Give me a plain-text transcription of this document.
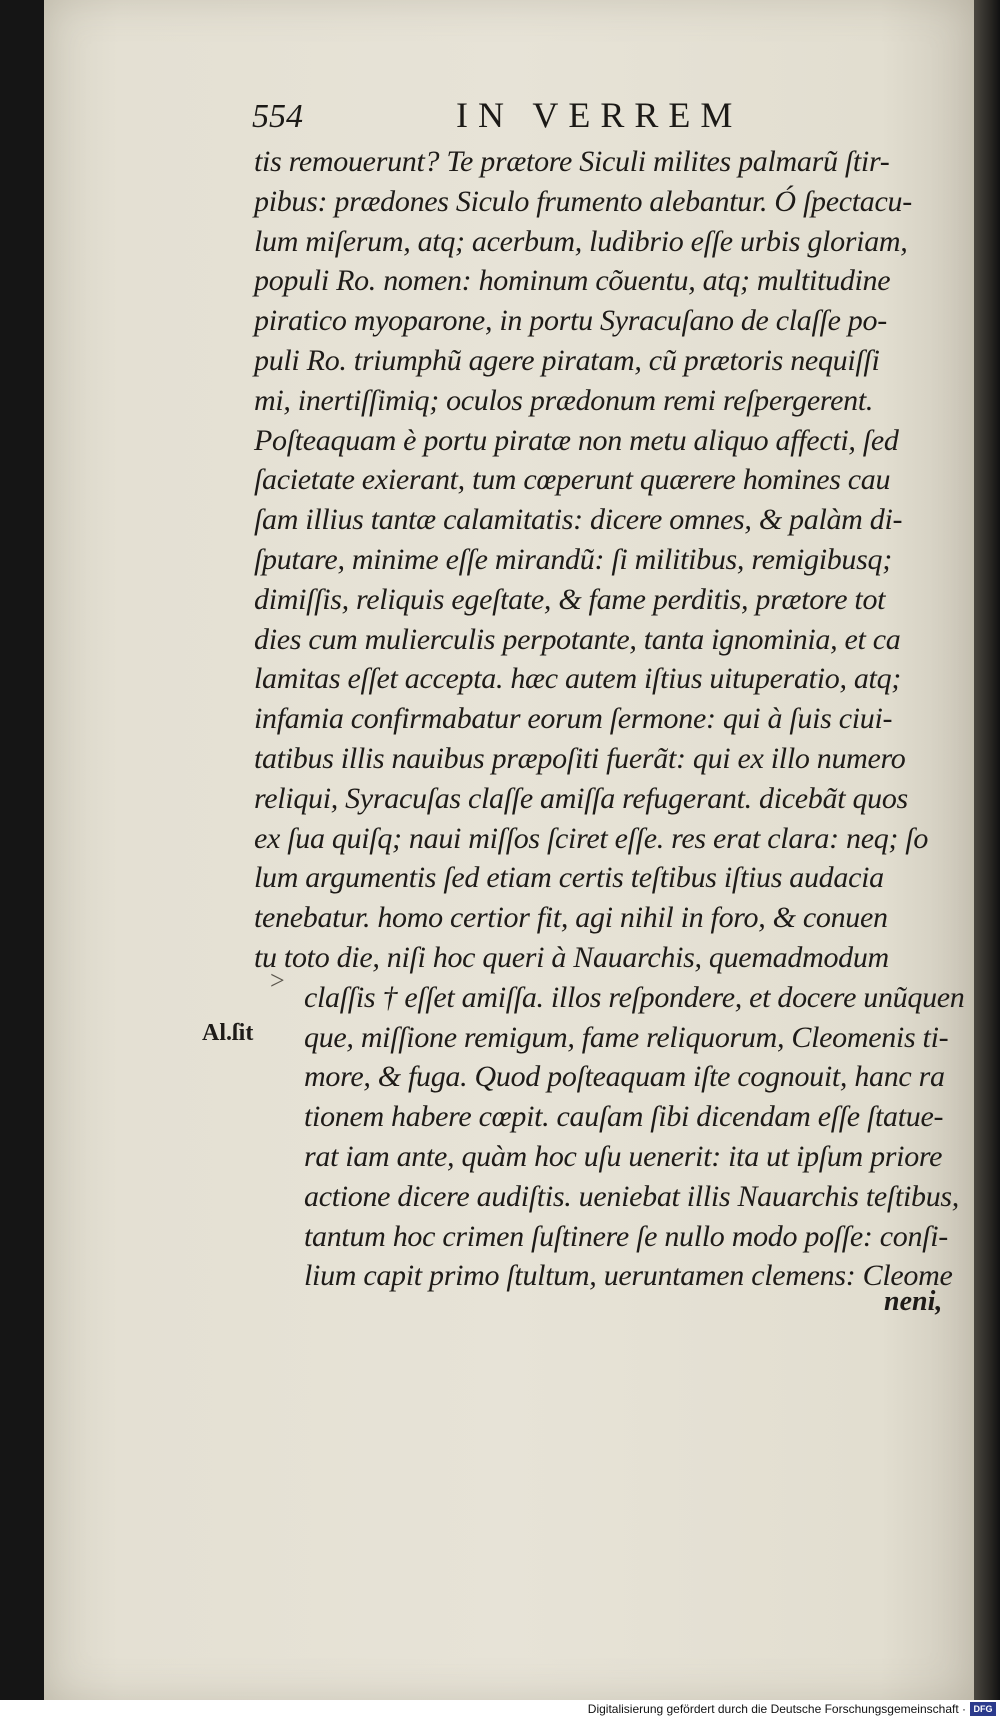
554	IN VERREM
tis remouerunt? Te prætore Siculi milites palmarũ ſtir-
pibus: prædones Siculo frumento alebantur. Ó ſpectacu-
lum miſerum, atq; acerbum, ludibrio eſſe urbis gloriam,
populi Ro. nomen: hominum cõuentu, atq; multitudine
piratico myoparone, in portu Syracuſano de claſſe po-
puli Ro. triumphũ agere piratam, cũ prætoris nequiſſi
mi, inertiſſimiq; oculos prædonum remi reſpergerent.
Poſteaquam è portu piratæ non metu aliquo affecti, ſed
ſacietate exierant, tum cœperunt quærere homines cau
ſam illius tantæ calamitatis: dicere omnes, & palàm di-
ſputare, minime eſſe mirandũ: ſi militibus, remigibusq;
dimiſſis, reliquis egeſtate, & fame perditis, prætore tot
dies cum mulierculis perpotante, tanta ignominia, et ca
lamitas eſſet accepta. hæc autem iſtius uituperatio, atq;
infamia confirmabatur eorum ſermone: qui à ſuis ciui-
tatibus illis nauibus præpoſiti fuerãt: qui ex illo numero
reliqui, Syracuſas claſſe amiſſa refugerant. dicebãt quos
ex ſua quiſq; naui miſſos ſciret eſſe. res erat clara: neq; ſo
lum argumentis ſed etiam certis teſtibus iſtius audacia
tenebatur. homo certior fit, agi nihil in foro, & conuen
tu toto die, niſi hoc queri à Nauarchis, quemadmodum
claſſis † eſſet amiſſa. illos reſpondere, et docere unũquen
que, miſſione remigum, fame reliquorum, Cleomenis ti-
more, & fuga. Quod poſteaquam iſte cognouit, hanc ra
tionem habere cœpit. cauſam ſibi dicendam eſſe ſtatue-
rat iam ante, quàm hoc uſu uenerit: ita ut ipſum priore
actione dicere audiſtis. ueniebat illis Nauarchis teſtibus,
tantum hoc crimen ſuſtinere ſe nullo modo poſſe: conſi-
lium capit primo ſtultum, ueruntamen clemens: Cleome
Al.ſit
>
neni,
Digitalisierung gefördert durch die Deutsche Forschungsgemeinschaft · DFG
